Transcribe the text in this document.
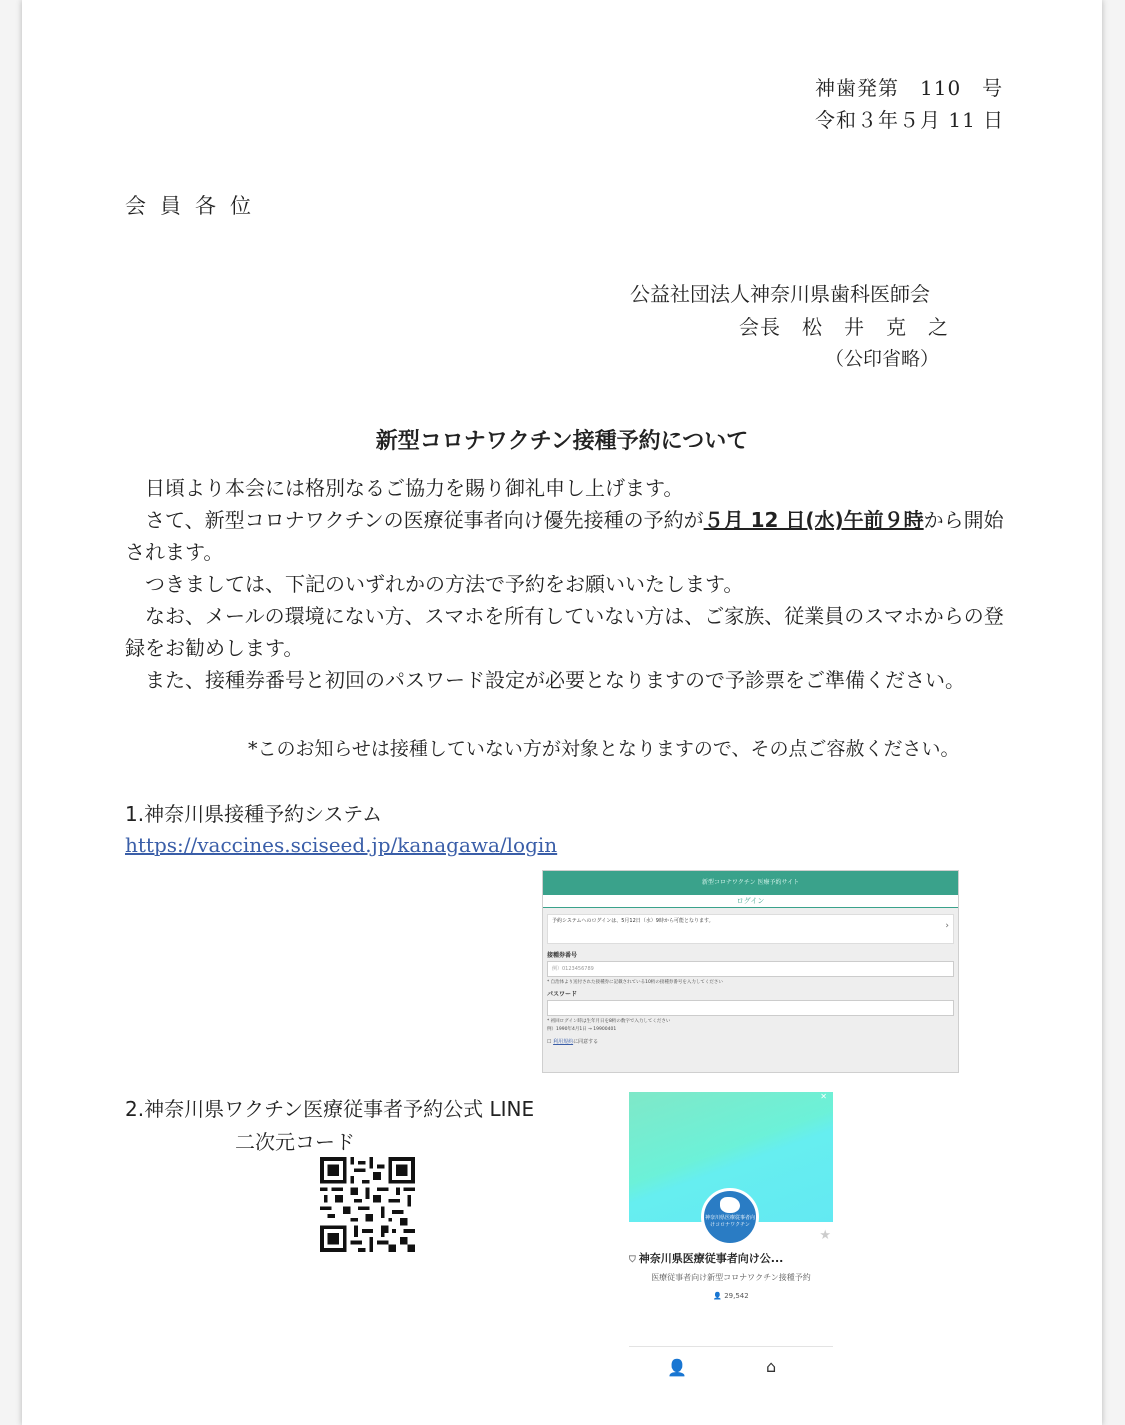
神歯発第　110　号
令和３年５月 11 日
会員各位
公益社団法人神奈川県歯科医師会
会長　松　井　克　之
（公印省略）
新型コロナワクチン接種予約について

日頃より本会には格別なるご協力を賜り御礼申し上げます。

さて、新型コロナワクチンの医療従事者向け優先接種の予約が５月 12 日(水)午前９時から開始されます。

つきましては、下記のいずれかの方法で予約をお願いいたします。

なお、メールの環境にない方、スマホを所有していない方は、ご家族、従業員のスマホからの登録をお勧めします。

また、接種券番号と初回のパスワード設定が必要となりますので予診票をご準備ください。

*このお知らせは接種していない方が対象となりますので、その点ご容赦ください。
1.神奈川県接種予約システム
https://vaccines.sciseed.jp/kanagawa/login
新型コロナワクチン 医療予約サイト
ログイン
予約システムへのログインは、5月12日（水）9時から可能となります。	›
接種券番号
例）0123456789
* 自治体より送付された接種券に記載されている10桁の接種券番号を入力してください
パスワード
* 初回ログイン時は生年月日を8桁の数字で入力してください
例）1990年4月1日 → 19900401
☐ 利用規約に同意する
2.神奈川県ワクチン医療従事者予約公式 LINE
二次元コード
✕
神奈川県医療従事者向けコロナワクチン
★
⛉ 神奈川県医療従事者向け公...
医療従事者向け新型コロナワクチン接種予約
👤 29,542
👤	⌂
